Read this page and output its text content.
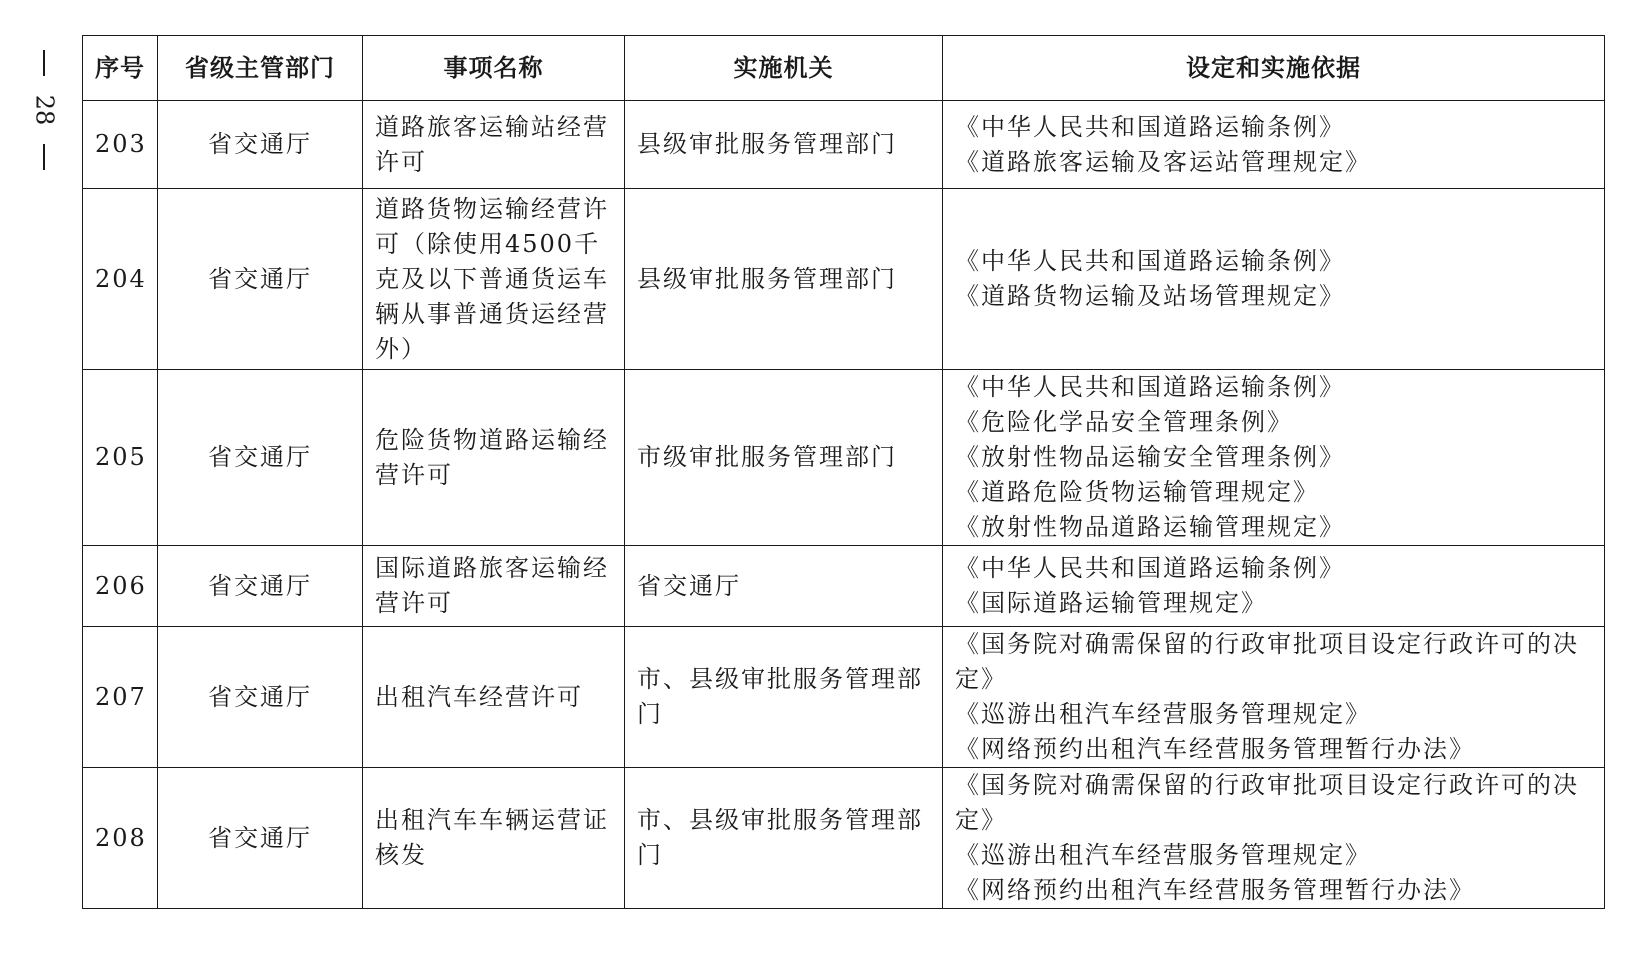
28
序号	省级主管部门	事项名称	实施机关	设定和实施依据
203	省交通厅	道路旅客运输站经营许可	县级审批服务管理部门	《中华人民共和国道路运输条例》
《道路旅客运输及客运站管理规定》

204	省交通厅	道路货物运输经营许可（除使用4500千克及以下普通货运车辆从事普通货运经营外）	县级审批服务管理部门	《中华人民共和国道路运输条例》
《道路货物运输及站场管理规定》

205	省交通厅	危险货物道路运输经营许可	市级审批服务管理部门	《中华人民共和国道路运输条例》
《危险化学品安全管理条例》
《放射性物品运输安全管理条例》
《道路危险货物运输管理规定》
《放射性物品道路运输管理规定》

206	省交通厅	国际道路旅客运输经营许可	省交通厅	《中华人民共和国道路运输条例》
《国际道路运输管理规定》

207	省交通厅	出租汽车经营许可	市、县级审批服务管理部门	《国务院对确需保留的行政审批项目设定行政许可的决定》
《巡游出租汽车经营服务管理规定》
《网络预约出租汽车经营服务管理暂行办法》

208	省交通厅	出租汽车车辆运营证核发	市、县级审批服务管理部门	《国务院对确需保留的行政审批项目设定行政许可的决定》
《巡游出租汽车经营服务管理规定》
《网络预约出租汽车经营服务管理暂行办法》
